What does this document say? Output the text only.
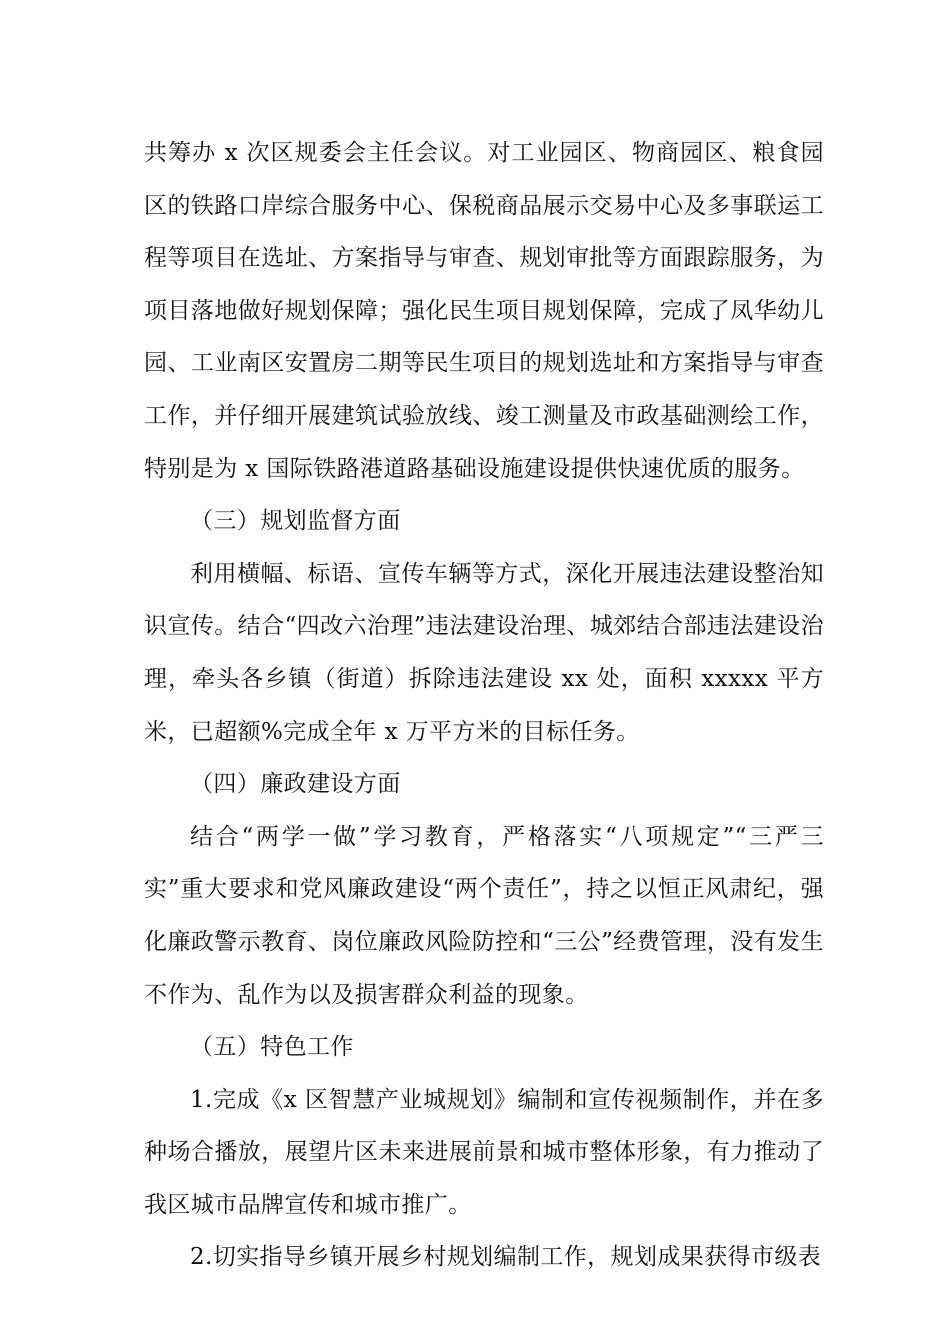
共筹办 x 次区规委会主任会议。对工业园区、物商园区、粮食园区的铁路口岸综合服务中心、保税商品展示交易中心及多事联运工程等项目在选址、方案指导与审查、规划审批等方面跟踪服务，为项目落地做好规划保障；强化民生项目规划保障，完成了凤华幼儿园、工业南区安置房二期等民生项目的规划选址和方案指导与审查工作，并仔细开展建筑试验放线、竣工测量及市政基础测绘工作，特别是为 x 国际铁路港道路基础设施建设提供快速优质的服务。

（三）规划监督方面

利用横幅、标语、宣传车辆等方式，深化开展违法建设整治知识宣传。结合“四改六治理”违法建设治理、城郊结合部违法建设治理，牵头各乡镇（街道）拆除违法建设 xx 处，面积 xxxxx 平方米，已超额%完成全年 x 万平方米的目标任务。

（四）廉政建设方面

结合“两学一做”学习教育，严格落实“八项规定”“三严三实”重大要求和党风廉政建设“两个责任”，持之以恒正风肃纪，强化廉政警示教育、岗位廉政风险防控和“三公”经费管理，没有发生不作为、乱作为以及损害群众利益的现象。

（五）特色工作

1.完成《x 区智慧产业城规划》编制和宣传视频制作，并在多种场合播放，展望片区未来进展前景和城市整体形象，有力推动了我区城市品牌宣传和城市推广。

2.切实指导乡镇开展乡村规划编制工作，规划成果获得市级表
